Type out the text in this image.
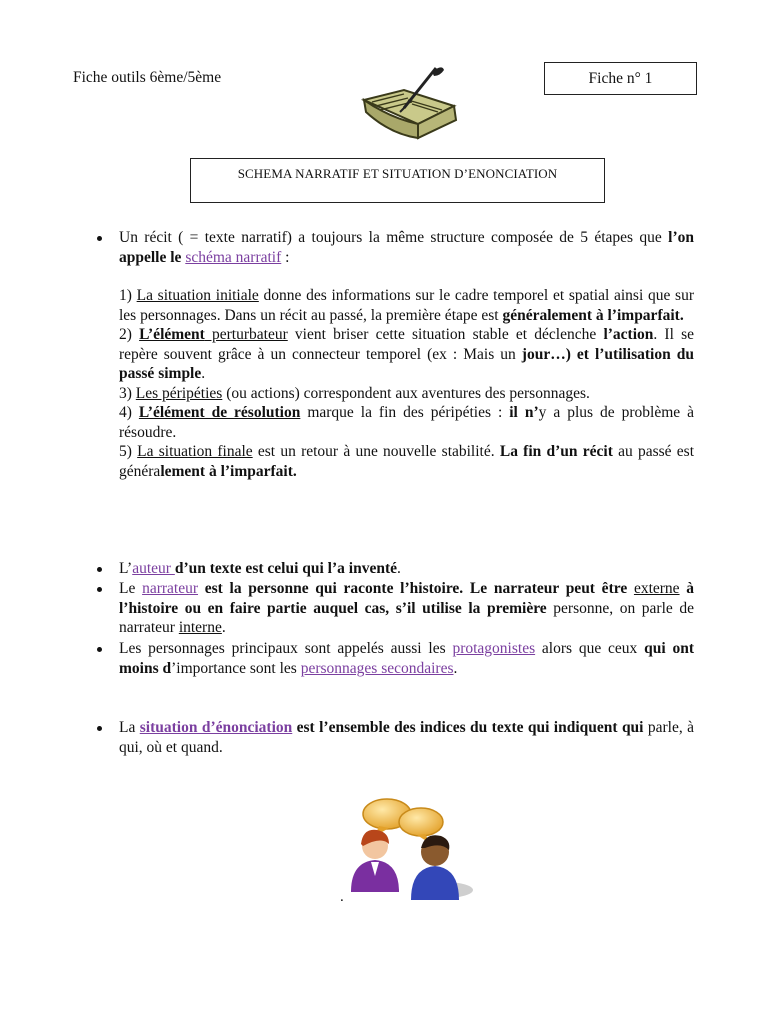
Fiche outils 6ème/5ème	Fiche n° 1
SCHEMA NARRATIF ET SITUATION D’ENONCIATION

Un récit ( = texte narratif) a toujours la même structure composée de 5 étapes que l’on appelle le schéma narratif :

1) La situation initiale donne des informations sur le cadre temporel et spatial ainsi que sur les personnages. Dans un récit au passé, la première étape est généralement à l’imparfait.

2) L’élément perturbateur vient briser cette situation stable et déclenche l’action. Il se repère souvent grâce à un connecteur temporel (ex : Mais un jour…) et l’utilisation du passé simple.

3) Les péripéties (ou actions) correspondent aux aventures des personnages.

4) L’élément de résolution marque la fin des péripéties : il n’y a plus de problème à résoudre.

5) La situation finale est un retour à une nouvelle stabilité. La fin d’un récit au passé est généralement à l’imparfait.

L’auteur d’un texte est celui qui l’a inventé.

Le narrateur est la personne qui raconte l’histoire. Le narrateur peut être externe à l’histoire ou en faire partie auquel cas, s’il utilise la première personne, on parle de narrateur interne.

Les personnages principaux sont appelés aussi les protagonistes alors que ceux qui ont moins d’importance sont les personnages secondaires.

La situation d’énonciation est l’ensemble des indices du texte qui indiquent qui parle, à qui, où et quand.

.
